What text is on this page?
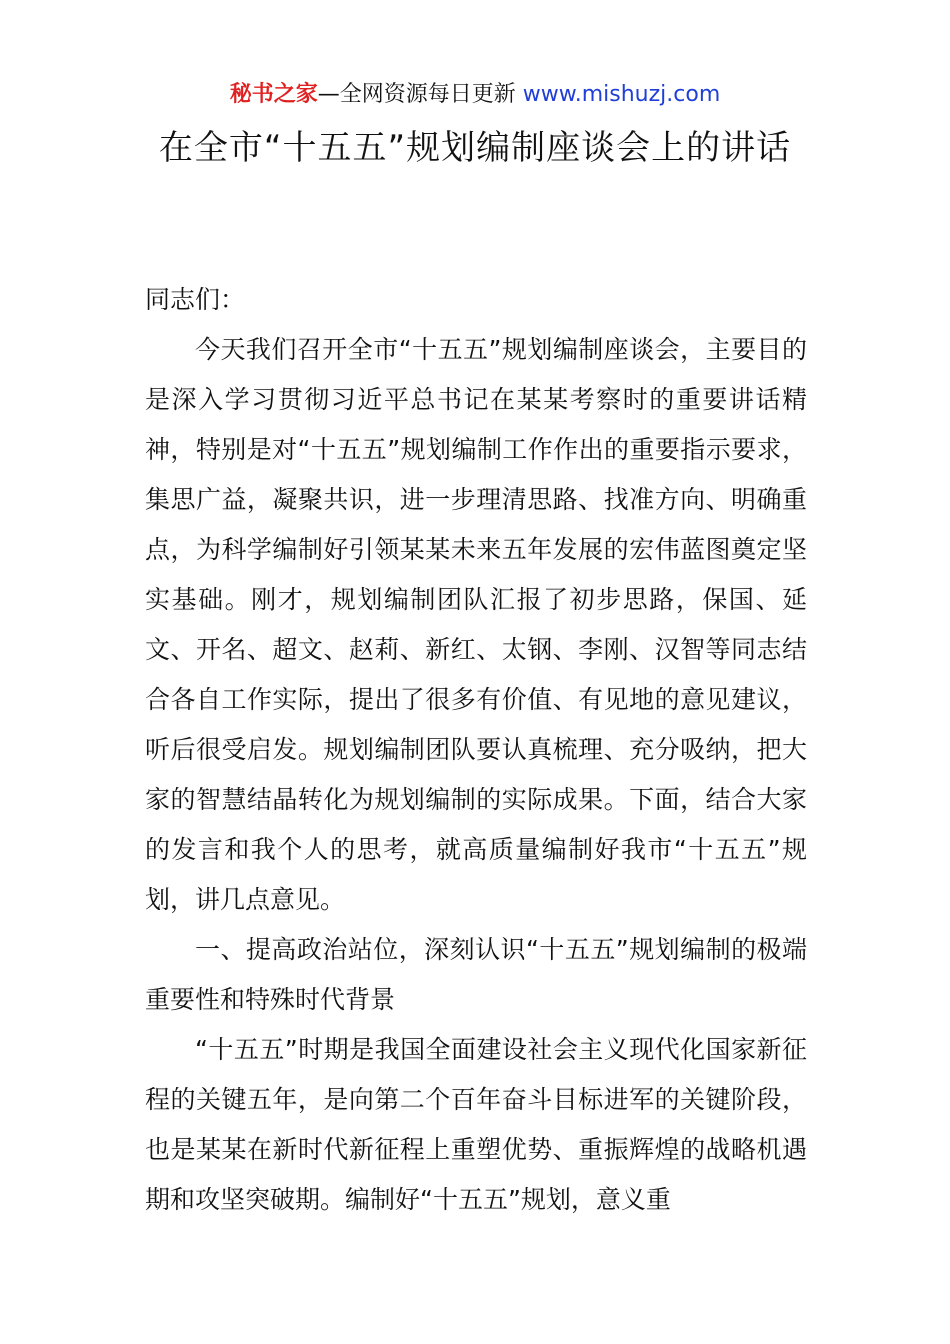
秘书之家—全网资源每日更新 www.mishuzj.com
在全市“十五五”规划编制座谈会上的讲话

同志们：

今天我们召开全市“十五五”规划编制座谈会，主要目的是深入学习贯彻习近平总书记在某某考察时的重要讲话精神，特别是对“十五五”规划编制工作作出的重要指示要求，集思广益，凝聚共识，进一步理清思路、找准方向、明确重点，为科学编制好引领某某未来五年发展的宏伟蓝图奠定坚实基础。刚才，规划编制团队汇报了初步思路，保国、延文、开名、超文、赵莉、新红、太钢、李刚、汉智等同志结合各自工作实际，提出了很多有价值、有见地的意见建议，听后很受启发。规划编制团队要认真梳理、充分吸纳，把大家的智慧结晶转化为规划编制的实际成果。下面，结合大家的发言和我个人的思考，就高质量编制好我市“十五五”规划，讲几点意见。

一、提高政治站位，深刻认识“十五五”规划编制的极端重要性和特殊时代背景

“十五五”时期是我国全面建设社会主义现代化国家新征程的关键五年，是向第二个百年奋斗目标进军的关键阶段，也是某某在新时代新征程上重塑优势、重振辉煌的战略机遇期和攻坚突破期。编制好“十五五”规划，意义重
